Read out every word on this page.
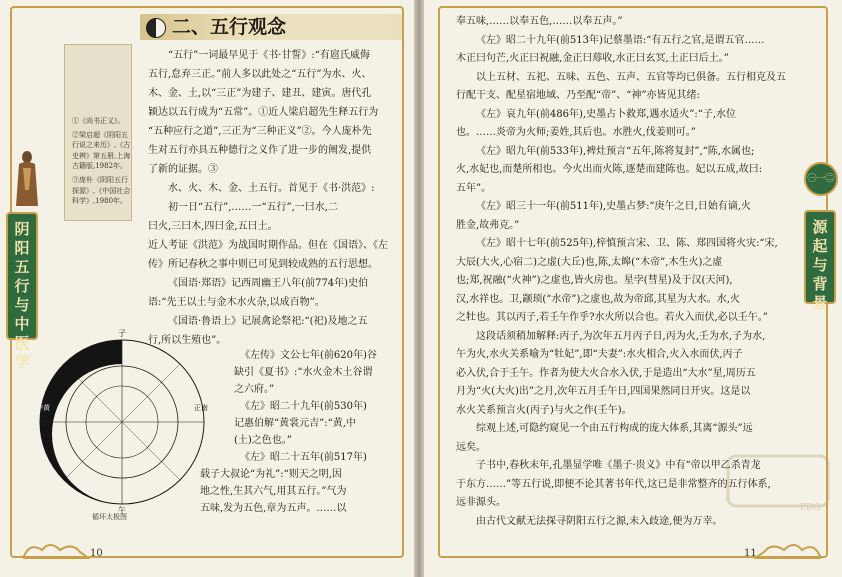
①《尚书正义》。

②梁启超《阴阳五行说之来历》,《古史辨》第五册,上海古籍版,1982年。

③庞朴《阴阳五行探源》,《中国社会科学》,1980年。

阴阳五行与中医学
二、五行观念
“五行”一词最早见于《书·甘誓》:“有扈氏威侮
五行,怠弃三正。”前人多以此处之“五行”为水、火、
木、金、土,以“三正”为建子、建丑、建寅。唐代孔
颖达以五行成为“五常”。①近人梁启超先生释五行为
“五种应行之道”,三正为“三种正义”②。今人庞朴先
生对五行亦具五种德行之义作了进一步的阐发,提供
了新的证据。③
水、火、木、金、土五行。首见于《书·洪范》:
初一日“五行”,……一“五行”,一曰水,二
曰火,三曰木,四曰金,五曰土。
近人考证《洪范》为战国时期作品。但在《国语》、《左
传》所记春秋之事中则已可见到较成熟的五行思想。
《国语·郑语》记西周幽王八年(前774年)史伯
语:“先王以土与金木水火杂,以成百物”。
《国语·鲁语上》记展禽论祭祀:“(祀)及地之五
行,所以生殖也”。
《左传》文公七年(前620年)谷
缺引《夏书》:“水火金木土谷谓
之六府。”
《左》昭二十九年(前530年)
记惠伯解“黄裳元吉”:“黄,中
(土)之色也。”
《左》昭二十五年(前517年)
载子大叔论“为礼”:“则天之明,因
地之性,生其六气,用其五行。”气为
五味,发为五色,章为五声。……以
子
午
中黄	正南
循环太极图
10
㊀一㊁
源起与背景
奉五味,……以奉五色,……以奉五声。”
《左》昭二十九年(前513年)记蔡墨语:“有五行之官,是谓五官……
木正曰句芒,火正曰祝融,金正曰蓐收,水正曰玄冥,土正曰后土。”
以上五材、五祀、五味、五色、五声、五官等均已俱备。五行相克及五
行配干支、配星宿地域、乃至配“帝”、“神”亦皆见其绪:
《左》哀九年(前486年),史墨占卜救郑,遇水适火”:“子,水位
也。……炎帝为火师;姜姓,其后也。水胜火,伐姜则可。”
《左》昭九年(前533年),裨灶预言“五年,陈将复封”,“陈,水属也;
火,水妃也,而楚所相也。今火出而火陈,逐楚而建陈也。妃以五成,故曰:
五年”。
《左》昭三十一年(前511年),史墨占梦:“庚午之日,日始有谪,火
胜金,故弗克。”
《左》昭十七年(前525年),梓慎预言宋、卫、陈、郑四国将火灾:“宋,
大辰(大火,心宿二)之虚(大丘)也,陈,太皞(“木帝”,木生火)之虚
也;郑,祝融(“火神”)之虚也,皆火房也。星孛(彗星)及于汉(天河),
汉,水祥也。卫,颛顼(“水帝”)之虚也,故为帝邱,其星为大水。水,火
之牡也。其以丙子,若壬午作乎?水火所以合也。若火入而伏,必以壬午。”
这段话须稍加解释:丙子,为次年五月丙子日,丙为火,壬为水,子为水,
午为火,水火关系喻为“牡妃”,即“夫妻”:水火相合,火入水而伏,丙子
必入伏,合于壬午。作者为使大火合水入伏,于是造出“大水”星,周历五
月为“火(大火)出”之月,次年五月壬午日,四国果然同日开灾。这是以
水火关系预言火(丙子)与火之作(壬午)。
综观上述,可隐约窥见一个由五行构成的庞大体系,其离“源头”远
远矣。
子书中,春秋末年,孔墨显学唯《墨子·贵义》中有“帝以甲乙杀青龙
于东方……”等五行说,即便不论其著书年代,这已是非常整齐的五行体系,
远非源头。
由古代文献无法探寻阴阳五行之源,未入歧途,便为万幸。
PDG
11
